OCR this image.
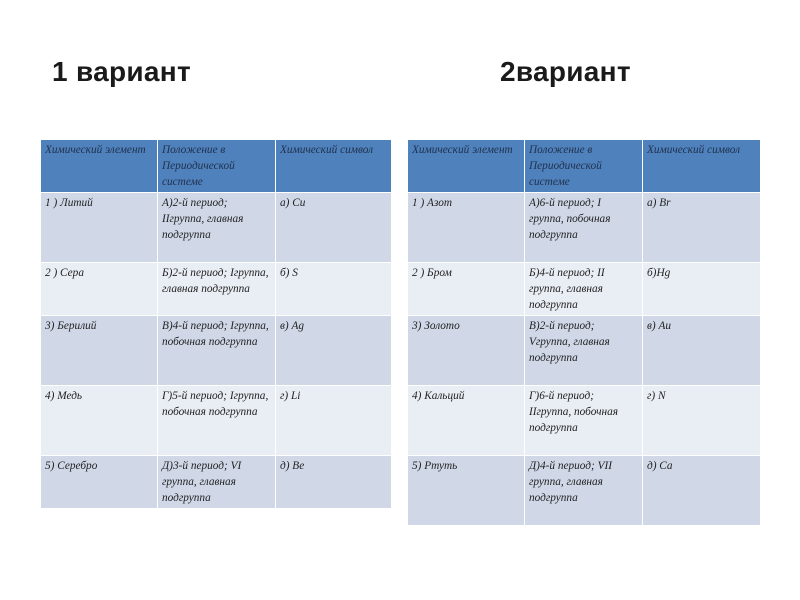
1 вариант	2вариант
Химический элемент	Положение в Периодической системе	Химический символ
1 ) Литий	А)2-й период; IIгруппа, главная подгруппа	а) Cu
2 ) Сера	Б)2-й период; Iгруппа, главная подгруппа	б) S
3) Берилий	В)4-й период; Iгруппа, побочная подгруппа	в) Ag
4) Медь	Г)5-й период; Iгруппа, побочная подгруппа	г) Li
5) Серебро	Д)3-й период; VI группа, главная подгруппа	д) Be
Химический элемент	Положение в Периодической системе	Химический символ
1 ) Азот	А)6-й период; I группа, побочная подгруппа	а) Br
2 ) Бром	Б)4-й период; II группа, главная подгруппа	б)Hg
3) Золото	В)2-й период; Vгруппа, главная подгруппа	в) Au
4) Кальций	Г)6-й период; IIгруппа, побочная подгруппа	г) N
5) Ртуть	Д)4-й период; VII группа, главная подгруппа	д) Ca
